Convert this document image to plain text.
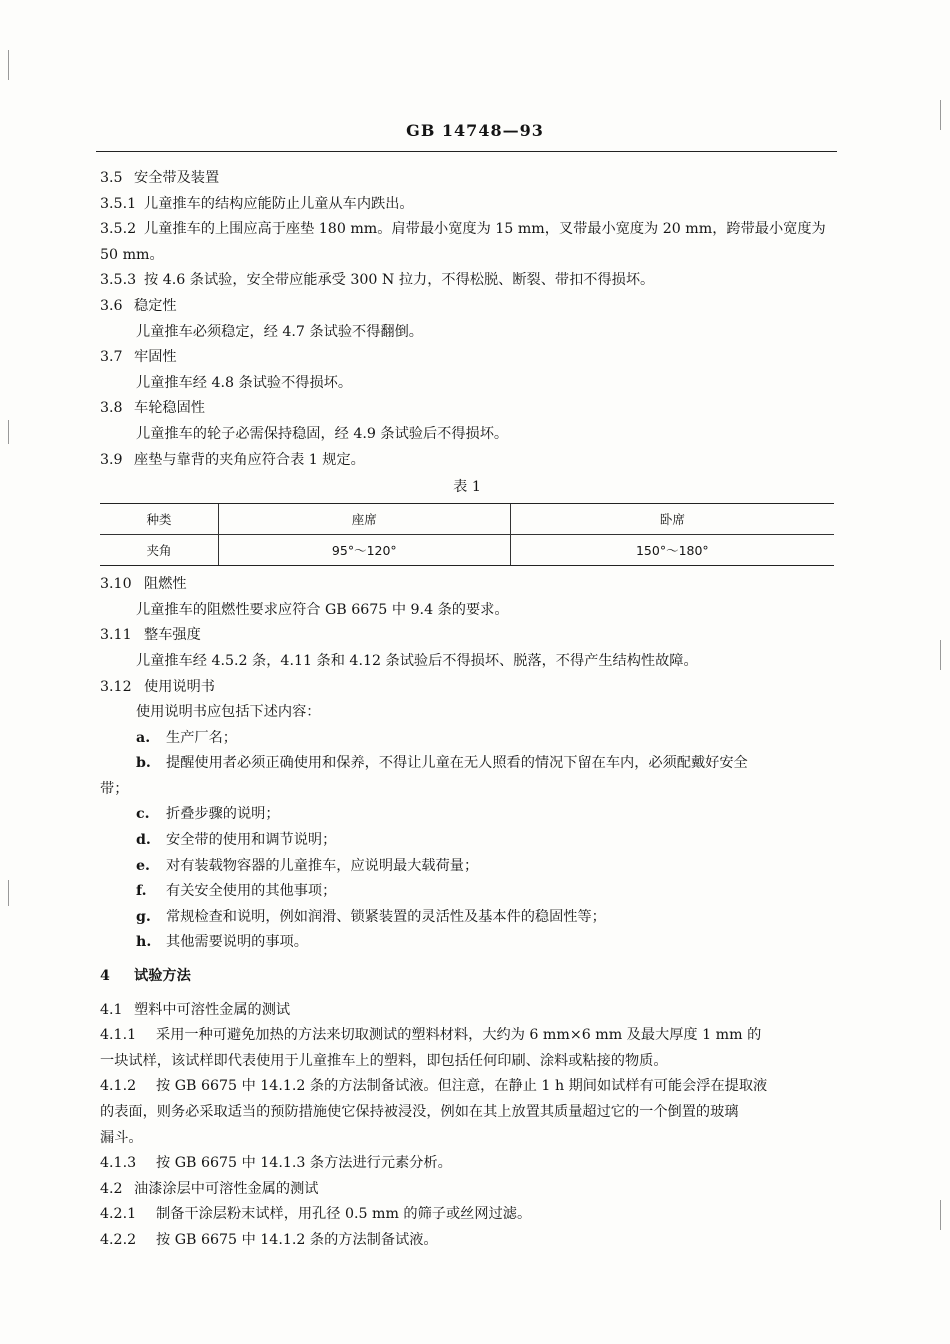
GB 14748—93
3.5 安全带及装置
3.5.1 儿童推车的结构应能防止儿童从车内跌出。
3.5.2 儿童推车的上围应高于座垫 180 mm。肩带最小宽度为 15 mm，叉带最小宽度为 20 mm，跨带最小宽度为 50 mm。
3.5.3 按 4.6 条试验，安全带应能承受 300 N 拉力，不得松脱、断裂、带扣不得损坏。
3.6 稳定性
儿童推车必须稳定，经 4.7 条试验不得翻倒。
3.7 牢固性
儿童推车经 4.8 条试验不得损坏。
3.8 车轮稳固性
儿童推车的轮子必需保持稳固，经 4.9 条试验后不得损坏。
3.9 座垫与靠背的夹角应符合表 1 规定。
表 1
种类	座席	卧席
夹角	95°～120°	150°～180°
3.10 阻燃性
儿童推车的阻燃性要求应符合 GB 6675 中 9.4 条的要求。
3.11 整车强度
儿童推车经 4.5.2 条，4.11 条和 4.12 条试验后不得损坏、脱落，不得产生结构性故障。
3.12 使用说明书
使用说明书应包括下述内容：
a. 生产厂名；
b. 提醒使用者必须正确使用和保养，不得让儿童在无人照看的情况下留在车内，必须配戴好安全
带；
c. 折叠步骤的说明；
d. 安全带的使用和调节说明；
e. 对有装载物容器的儿童推车，应说明最大载荷量；
f. 有关安全使用的其他事项；
g. 常规检查和说明，例如润滑、锁紧装置的灵活性及基本件的稳固性等；
h. 其他需要说明的事项。
4 试验方法
4.1 塑料中可溶性金属的测试
4.1.1 采用一种可避免加热的方法来切取测试的塑料材料，大约为 6 mm×6 mm 及最大厚度 1 mm 的
一块试样，该试样即代表使用于儿童推车上的塑料，即包括任何印刷、涂料或粘接的物质。
4.1.2 按 GB 6675 中 14.1.2 条的方法制备试液。但注意，在静止 1 h 期间如试样有可能会浮在提取液
的表面，则务必采取适当的预防措施使它保持被浸没，例如在其上放置其质量超过它的一个倒置的玻璃
漏斗。
4.1.3 按 GB 6675 中 14.1.3 条方法进行元素分析。
4.2 油漆涂层中可溶性金属的测试
4.2.1 制备干涂层粉末试样，用孔径 0.5 mm 的筛子或丝网过滤。
4.2.2 按 GB 6675 中 14.1.2 条的方法制备试液。
